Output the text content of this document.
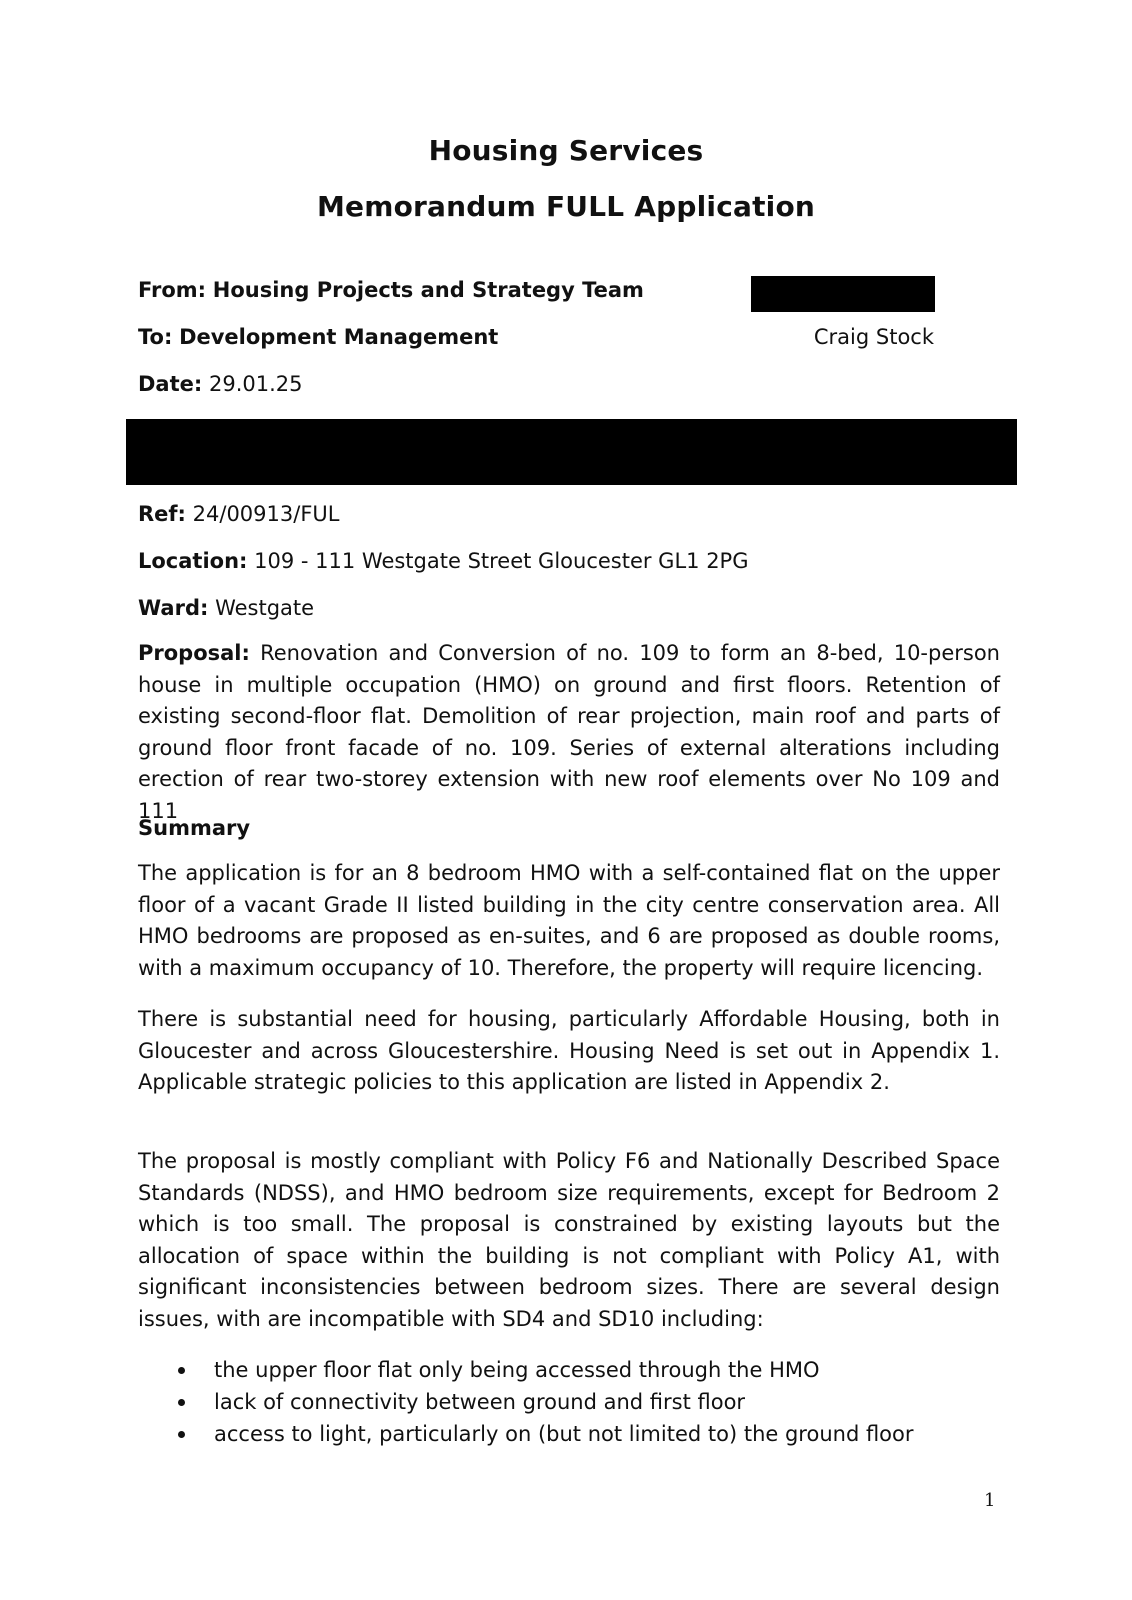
Housing Services
Memorandum FULL Application
From: Housing Projects and Strategy Team
To: Development Management	Craig Stock
Date: 29.01.25
Ref: 24/00913/FUL
Location: 109 - 111 Westgate Street Gloucester GL1 2PG
Ward: Westgate
Proposal: Renovation and Conversion of no. 109 to form an 8-bed, 10-person house in multiple occupation (HMO) on ground and first floors. Retention of existing second-floor flat. Demolition of rear projection, main roof and parts of ground floor front facade of no. 109. Series of external alterations including erection of rear two-storey extension with new roof elements over No 109 and 111
Summary
The application is for an 8 bedroom HMO with a self-contained flat on the upper floor of a vacant Grade II listed building in the city centre conservation area. All HMO bedrooms are proposed as en-suites, and 6 are proposed as double rooms, with a maximum occupancy of 10. Therefore, the property will require licencing.
There is substantial need for housing, particularly Affordable Housing, both in Gloucester and across Gloucestershire. Housing Need is set out in Appendix 1. Applicable strategic policies to this application are listed in Appendix 2.
The proposal is mostly compliant with Policy F6 and Nationally Described Space Standards (NDSS), and HMO bedroom size requirements, except for Bedroom 2 which is too small. The proposal is constrained by existing layouts but the allocation of space within the building is not compliant with Policy A1, with significant inconsistencies between bedroom sizes. There are several design issues, with are incompatible with SD4 and SD10 including:
the upper floor flat only being accessed through the HMO
lack of connectivity between ground and first floor
access to light, particularly on (but not limited to) the ground floor
1
